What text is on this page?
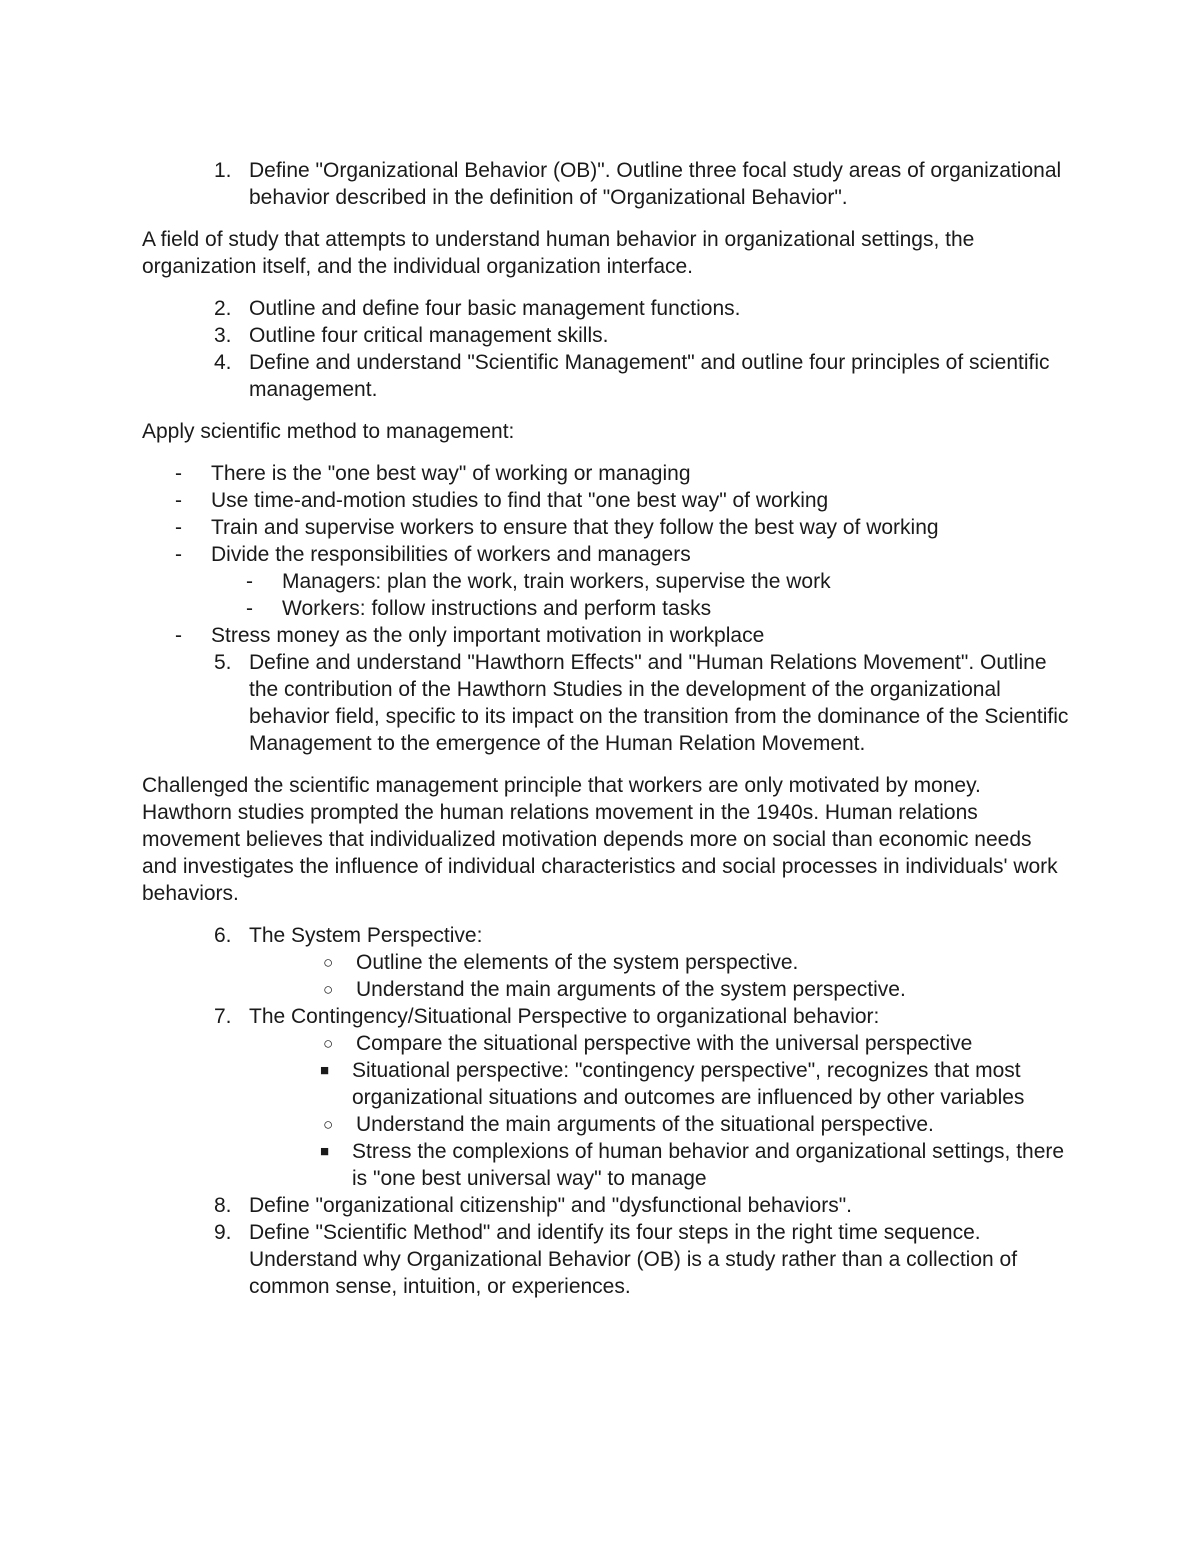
1. Define "Organizational Behavior (OB)". Outline three focal study areas of organizational behavior described in the definition of "Organizational Behavior".
A field of study that attempts to understand human behavior in organizational settings, the organization itself, and the individual organization interface.
2. Outline and define four basic management functions.
3. Outline four critical management skills.
4. Define and understand "Scientific Management" and outline four principles of scientific management.
Apply scientific method to management:
- There is the "one best way" of working or managing
- Use time-and-motion studies to find that "one best way" of working
- Train and supervise workers to ensure that they follow the best way of working
- Divide the responsibilities of workers and managers
- Managers: plan the work, train workers, supervise the work
- Workers: follow instructions and perform tasks
- Stress money as the only important motivation in workplace
5. Define and understand "Hawthorn Effects" and "Human Relations Movement". Outline the contribution of the Hawthorn Studies in the development of the organizational behavior field, specific to its impact on the transition from the dominance of the Scientific Management to the emergence of the Human Relation Movement.
Challenged the scientific management principle that workers are only motivated by money. Hawthorn studies prompted the human relations movement in the 1940s. Human relations movement believes that individualized motivation depends more on social than economic needs and investigates the influence of individual characteristics and social processes in individuals' work behaviors.
6. The System Perspective:
○ Outline the elements of the system perspective.
○ Understand the main arguments of the system perspective.
7. The Contingency/Situational Perspective to organizational behavior:
○ Compare the situational perspective with the universal perspective
■ Situational perspective: "contingency perspective", recognizes that most organizational situations and outcomes are influenced by other variables
○ Understand the main arguments of the situational perspective.
■ Stress the complexions of human behavior and organizational settings, there is "one best universal way" to manage
8. Define "organizational citizenship" and "dysfunctional behaviors".
9. Define "Scientific Method" and identify its four steps in the right time sequence. Understand why Organizational Behavior (OB) is a study rather than a collection of common sense, intuition, or experiences.
